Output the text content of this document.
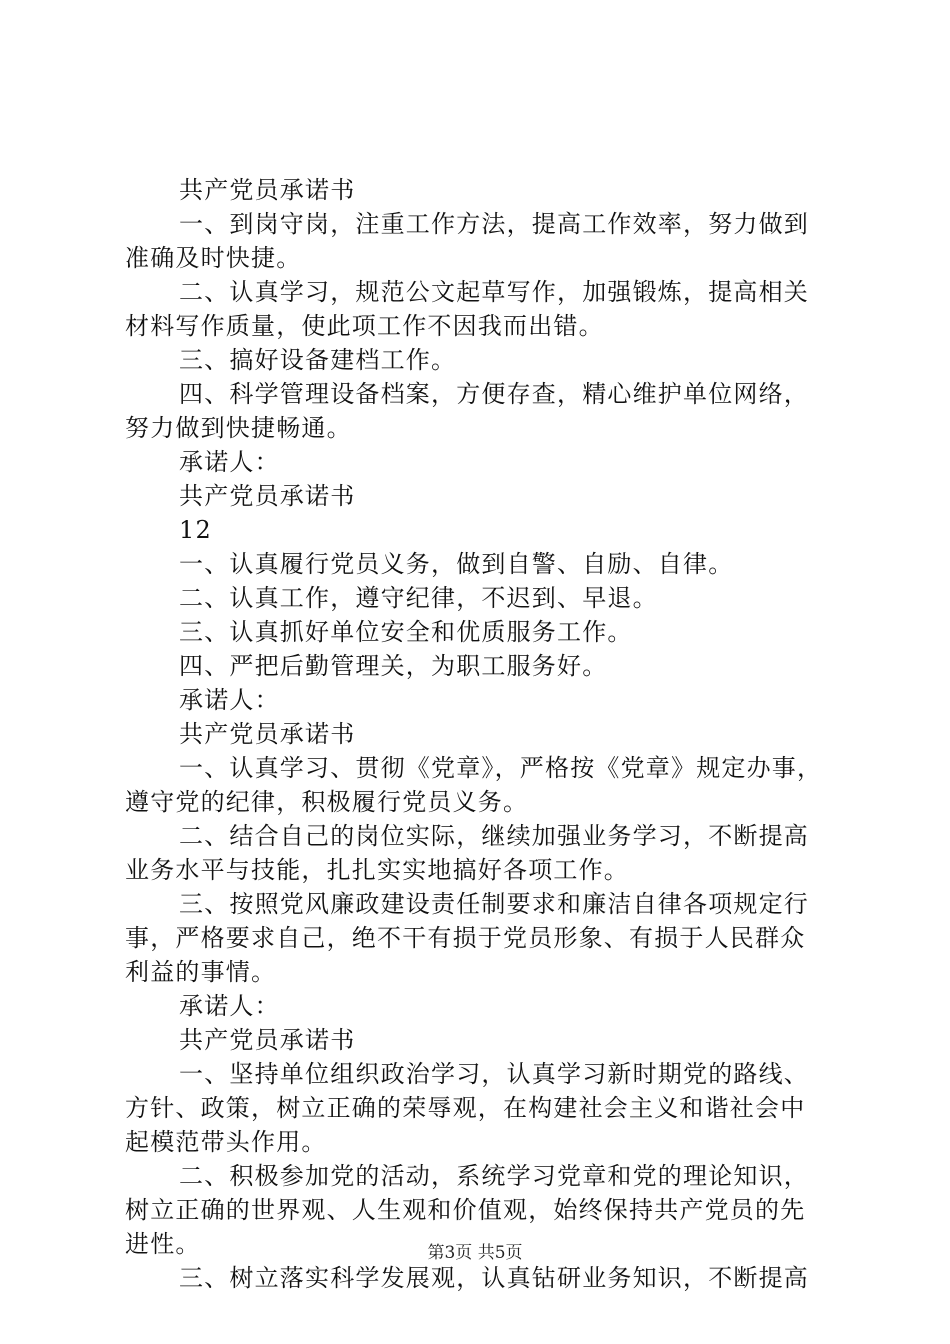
共产党员承诺书
一、到岗守岗，注重工作方法，提高工作效率，努力做到
准确及时快捷。
二、认真学习，规范公文起草写作，加强锻炼，提高相关
材料写作质量，使此项工作不因我而出错。
三、搞好设备建档工作。
四、科学管理设备档案，方便存查，精心维护单位网络，
努力做到快捷畅通。
承诺人：
共产党员承诺书
12
一、认真履行党员义务，做到自警、自励、自律。
二、认真工作，遵守纪律，不迟到、早退。
三、认真抓好单位安全和优质服务工作。
四、严把后勤管理关，为职工服务好。
承诺人：
共产党员承诺书
一、认真学习、贯彻《党章》，严格按《党章》规定办事，
遵守党的纪律，积极履行党员义务。
二、结合自己的岗位实际，继续加强业务学习，不断提高
业务水平与技能，扎扎实实地搞好各项工作。
三、按照党风廉政建设责任制要求和廉洁自律各项规定行
事，严格要求自己，绝不干有损于党员形象、有损于人民群众
利益的事情。
承诺人：
共产党员承诺书
一、坚持单位组织政治学习，认真学习新时期党的路线、
方针、政策，树立正确的荣辱观，在构建社会主义和谐社会中
起模范带头作用。
二、积极参加党的活动，系统学习党章和党的理论知识，
树立正确的世界观、人生观和价值观，始终保持共产党员的先
进性。
三、树立落实科学发展观，认真钻研业务知识，不断提高
第3页 共5页
